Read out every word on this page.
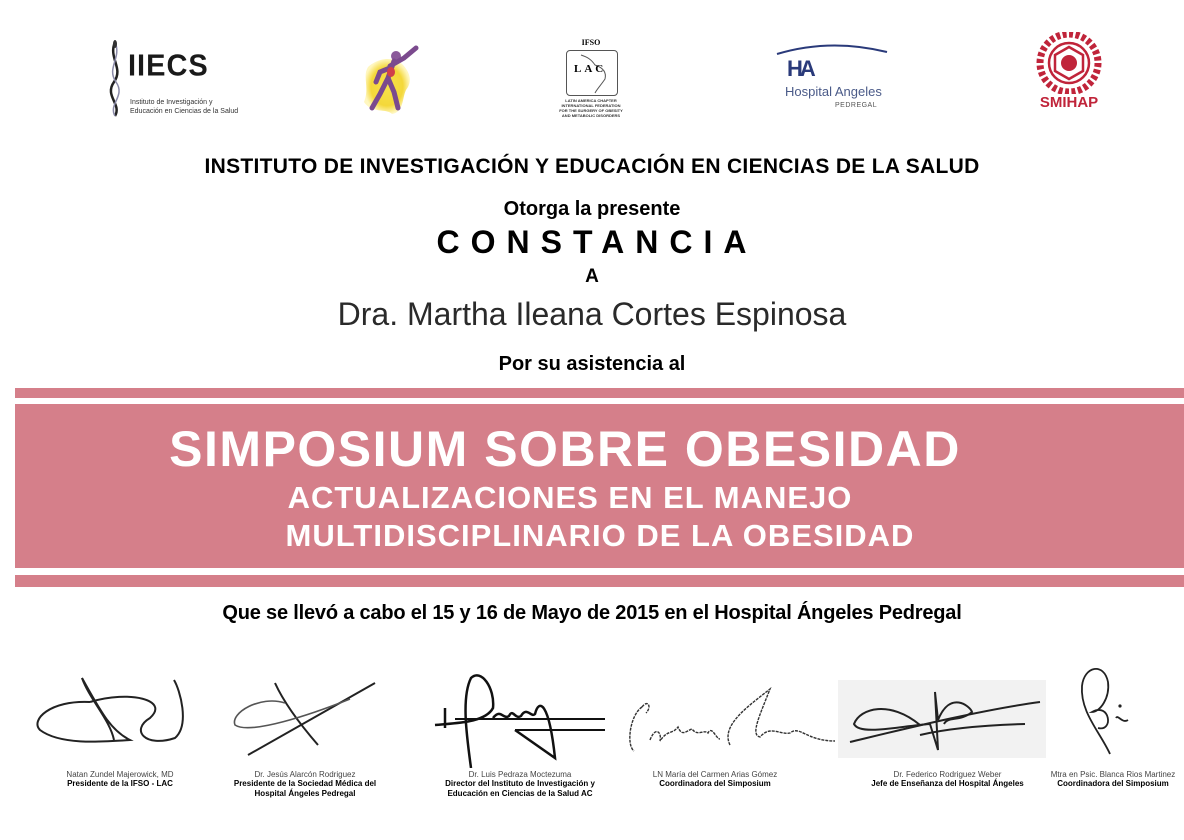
IIECS
Instituto de Investigación y
Educación en Ciencias de la Salud
IFSO
LAC
LATIN AMERICA CHAPTER
INTERNATIONAL FEDERATION
FOR THE SURGERY OF OBESITY
AND METABOLIC DISORDERS
HA
Hospital Angeles
PEDREGAL	SMIHAP
INSTITUTO DE INVESTIGACIÓN Y EDUCACIÓN EN CIENCIAS DE LA SALUD
Otorga la presente
CONSTANCIA
A
Dra. Martha Ileana Cortes Espinosa
Por su asistencia al
SIMPOSIUM SOBRE OBESIDAD
ACTUALIZACIONES EN EL MANEJO
MULTIDISCIPLINARIO DE LA OBESIDAD
Que se llevó a cabo el 15 y 16 de Mayo de 2015 en el Hospital Ángeles Pedregal
Natan Zundel Majerowick, MD
Presidente de la IFSO - LAC
Dr. Jesús Alarcón Rodriguez
Presidente de la Sociedad Médica del
Hospital Ángeles Pedregal
Dr. Luis Pedraza Moctezuma
Director del Instituto de Investigación y
Educación en Ciencias de la Salud AC
LN María del Carmen Arias Gómez
Coordinadora del Simposium
Dr. Federico Rodriguez Weber
Jefe de Enseñanza del Hospital Ángeles
Mtra en Psic. Blanca Rios Martinez
Coordinadora del Simposium
